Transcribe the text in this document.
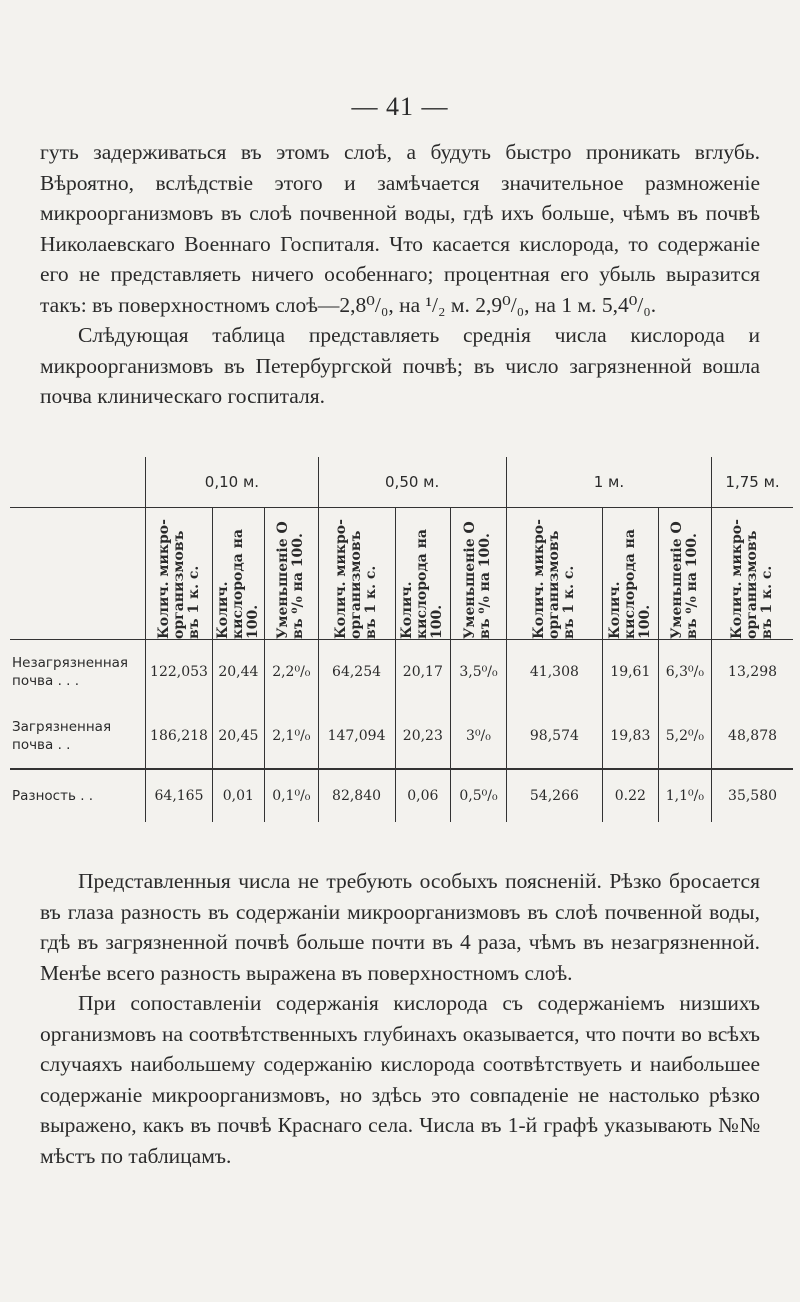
— 41 —

гуть задерживаться въ этомъ слоѣ, а будуть быстро проникать вглубь. Вѣроятно, вслѣдствіе этого и замѣчается значительное размноженіе микроорганизмовъ въ слоѣ почвенной воды, гдѣ ихъ больше, чѣмъ въ почвѣ Николаевскаго Военнаго Госпиталя. Что касается кислорода, то содержаніе его не представляеть ничего особеннаго; процентная его убыль выразится такъ: въ поверхностномъ слоѣ—2,8⁰/₀, на ¹/₂ м. 2,9⁰/₀, на 1 м. 5,4⁰/₀.

Слѣдующая таблица представляеть среднія числа кислорода и микроорганизмовъ въ Петербургской почвѣ; въ число загрязненной вошла почва клиническаго госпиталя.

	0,10 м.			0,50 м.			1 м.			1,75 м.

	Колич. микро-организмовъ въ 1 к. с.	Колич. кислорода на 100.	Уменьшеніе О въ ⁰/₀ на 100.	Колич. микро-организмовъ въ 1 к. с.	Колич. кислорода на 100.	Уменьшеніе О въ ⁰/₀ на 100.	Колич. микро-организмовъ въ 1 к. с.	Колич. кислорода на 100.	Уменьшеніе О въ ⁰/₀ на 100.	Колич. микро-организмовъ въ 1 к. с.

Незагрязненная
почва . . .	122,053	20,44	2,2⁰/₀	64,254	20,17	3,5⁰/₀	41,308	19,61	6,3⁰/₀	13,298
Загрязненная
почва . .	186,218	20,45	2,1⁰/₀	147,094	20,23	3⁰/₀	98,574	19,83	5,2⁰/₀	48,878
Разность . .	64,165	0,01	0,1⁰/₀	82,840	0,06	0,5⁰/₀	54,266	0.22	1,1⁰/₀	35,580

Представленныя числа не требують особыхъ поясненій. Рѣзко бросается въ глаза разность въ содержаніи микроорганизмовъ въ слоѣ почвенной воды, гдѣ въ загрязненной почвѣ больше почти въ 4 раза, чѣмъ въ незагрязненной. Менѣе всего разность выражена въ поверхностномъ слоѣ.

При сопоставленіи содержанія кислорода съ содержаніемъ низшихъ организмовъ на соотвѣтственныхъ глубинахъ оказывается, что почти во всѣхъ случаяхъ наибольшему содержанію кислорода соотвѣтствуеть и наибольшее содержаніе микроорганизмовъ, но здѣсь это совпаденіе не настолько рѣзко выражено, какъ въ почвѣ Краснаго села. Числа въ 1-й графѣ указывають №№ мѣстъ по таблицамъ.
